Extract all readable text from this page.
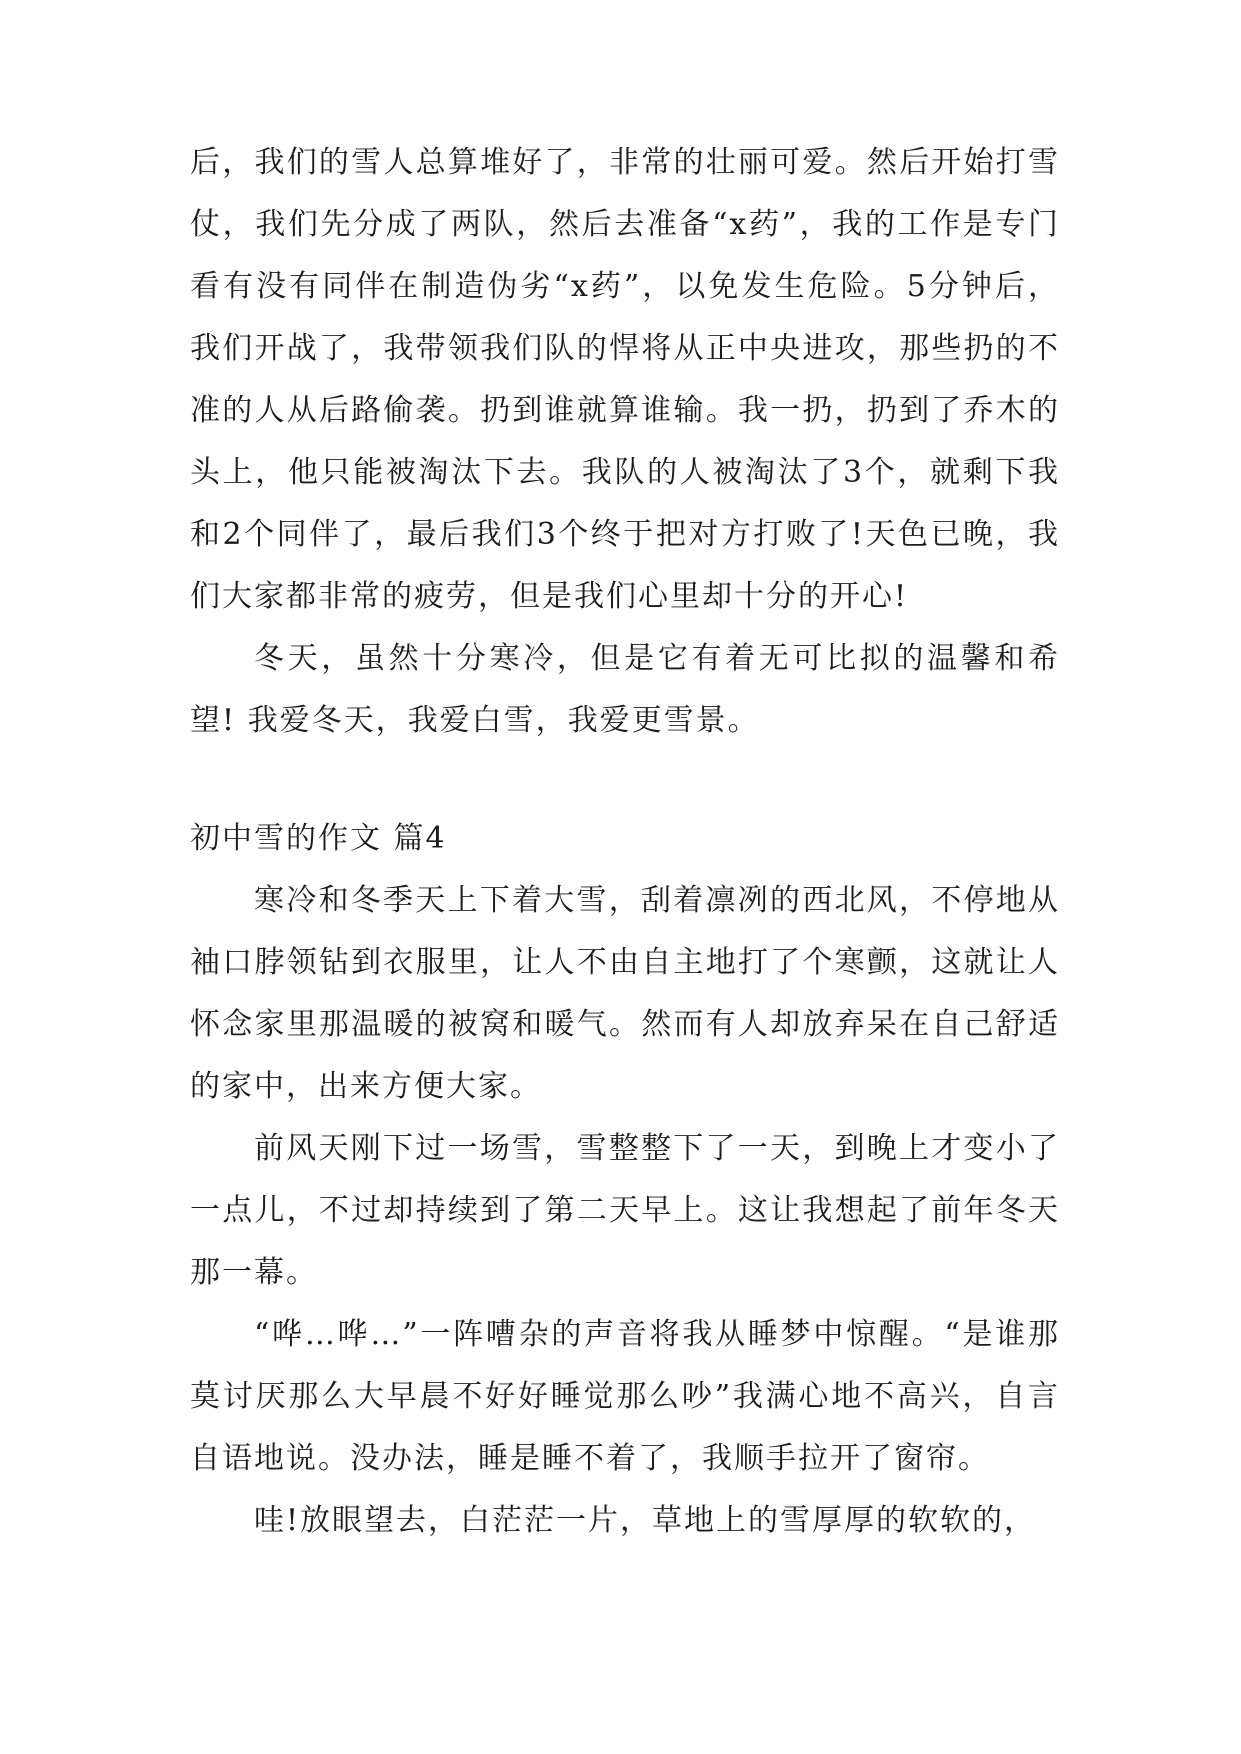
后，我们的雪人总算堆好了，非常的壮丽可爱。然后开始打雪仗，我们先分成了两队，然后去准备“x药”，我的工作是专门看有没有同伴在制造伪劣“x药”，以免发生危险。5分钟后，我们开战了，我带领我们队的悍将从正中央进攻，那些扔的不准的人从后路偷袭。扔到谁就算谁输。我一扔，扔到了乔木的头上，他只能被淘汰下去。我队的人被淘汰了3个，就剩下我和2个同伴了，最后我们3个终于把对方打败了!天色已晚，我们大家都非常的疲劳，但是我们心里却十分的开心!

冬天，虽然十分寒冷，但是它有着无可比拟的温馨和希望! 我爱冬天，我爱白雪，我爱更雪景。

初中雪的作文 篇4

寒冷和冬季天上下着大雪，刮着凛冽的西北风，不停地从袖口脖领钻到衣服里，让人不由自主地打了个寒颤，这就让人怀念家里那温暖的被窝和暖气。然而有人却放弃呆在自己舒适的家中，出来方便大家。

前风天刚下过一场雪，雪整整下了一天，到晚上才变小了一点儿，不过却持续到了第二天早上。这让我想起了前年冬天那一幕。

“哗…哗…”一阵嘈杂的声音将我从睡梦中惊醒。“是谁那莫讨厌那么大早晨不好好睡觉那么吵”我满心地不高兴，自言自语地说。没办法，睡是睡不着了，我顺手拉开了窗帘。

哇!放眼望去，白茫茫一片，草地上的雪厚厚的软软的，
